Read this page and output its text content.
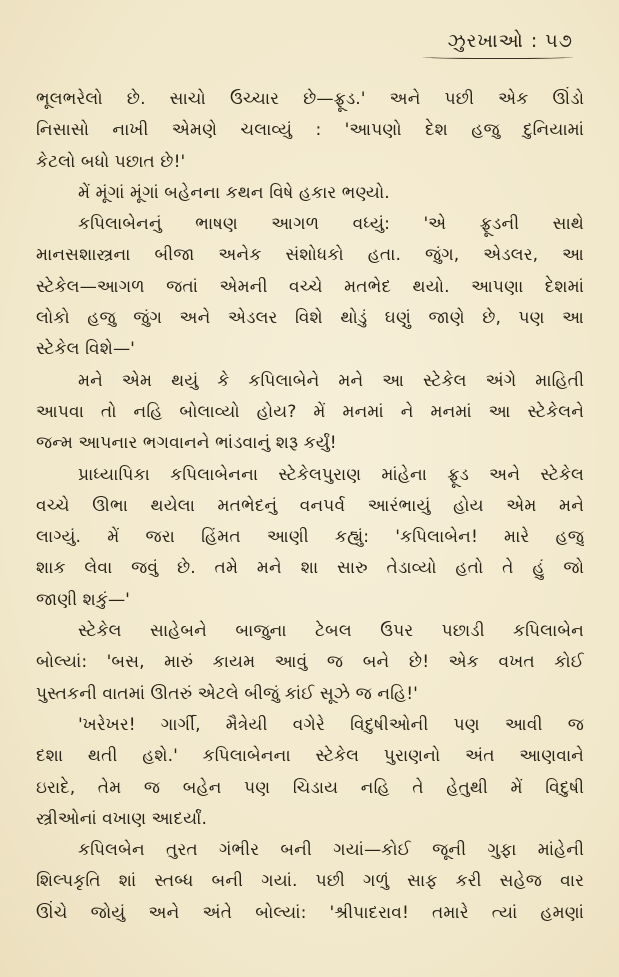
ઝુરખાઓ : ૫૭
ભૂલભરેલો છે. સાચો ઉચ્ચાર છે—ફ્રૂડ.' અને પછી એક ઊંડો
નિસાસો નાખી એમણે ચલાવ્યું : 'આપણો દેશ હજુ દુનિયામાં
કેટલો બધો પછાત છે!'
મેં મૂંગાં મૂંગાં બહેનના કથન વિષે હકાર ભણ્યો.
કપિલાબેનનું ભાષણ આગળ વધ્યું: 'એ ફ્રૂડની સાથે
માનસશાસ્ત્રના બીજા અનેક સંશોધકો હતા. જુંગ, એડલર, આ
સ્ટેકેલ—આગળ જતાં એમની વચ્ચે મતભેદ થયો. આપણા દેશમાં
લોકો હજુ જુંગ અને એડલર વિશે થોડું ઘણું જાણે છે, પણ આ
સ્ટેકેલ વિશે—'
મને એમ થયું કે કપિલાબેને મને આ સ્ટેકેલ અંગે માહિતી
આપવા તો નહિ બોલાવ્યો હોય? મેં મનમાં ને મનમાં આ સ્ટેકેલને
જન્મ આપનાર ભગવાનને ભાંડવાનું શરૂ કર્યું!
પ્રાધ્યાપિકા કપિલાબેનના સ્ટેકેલપુરાણ માંહેના ફ્રૂડ અને સ્ટેકેલ
વચ્ચે ઊભા થયેલા મતભેદનું વનપર્વ આરંભાયું હોય એમ મને
લાગ્યું. મેં જરા હિંમત આણી કહ્યું: 'કપિલાબેન! મારે હજુ
શાક લેવા જવું છે. તમે મને શા સારુ તેડાવ્યો હતો તે હું જો
જાણી શકું—'
સ્ટેકેલ સાહેબને બાજુના ટેબલ ઉપર પછાડી કપિલાબેન
બોલ્યાં: 'બસ, મારું કાયમ આવું જ બને છે! એક વખત કોઈ
પુસ્તકની વાતમાં ઊતરું એટલે બીજું કાંઈ સૂઝે જ નહિ!'
'ખરેખર! ગાર્ગી, મૈત્રેયી વગેરે વિદુષીઓની પણ આવી જ
દશા થતી હશે.' કપિલાબેનના સ્ટેકેલ પુરાણનો અંત આણવાને
ઇરાદે, તેમ જ બહેન પણ ચિડાય નહિ તે હેતુથી મેં વિદુષી
સ્ત્રીઓનાં વખાણ આદર્યાં.
કપિલબેન તુરત ગંભીર બની ગયાં—કોઈ જૂની ગુફા માંહેની
શિલ્પકૃતિ શાં સ્તબ્ધ બની ગયાં. પછી ગળું સાફ કરી સહેજ વાર
ઊંચે જોયું અને અંતે બોલ્યાં: 'શ્રીપાદરાવ! તમારે ત્યાં હમણાં
